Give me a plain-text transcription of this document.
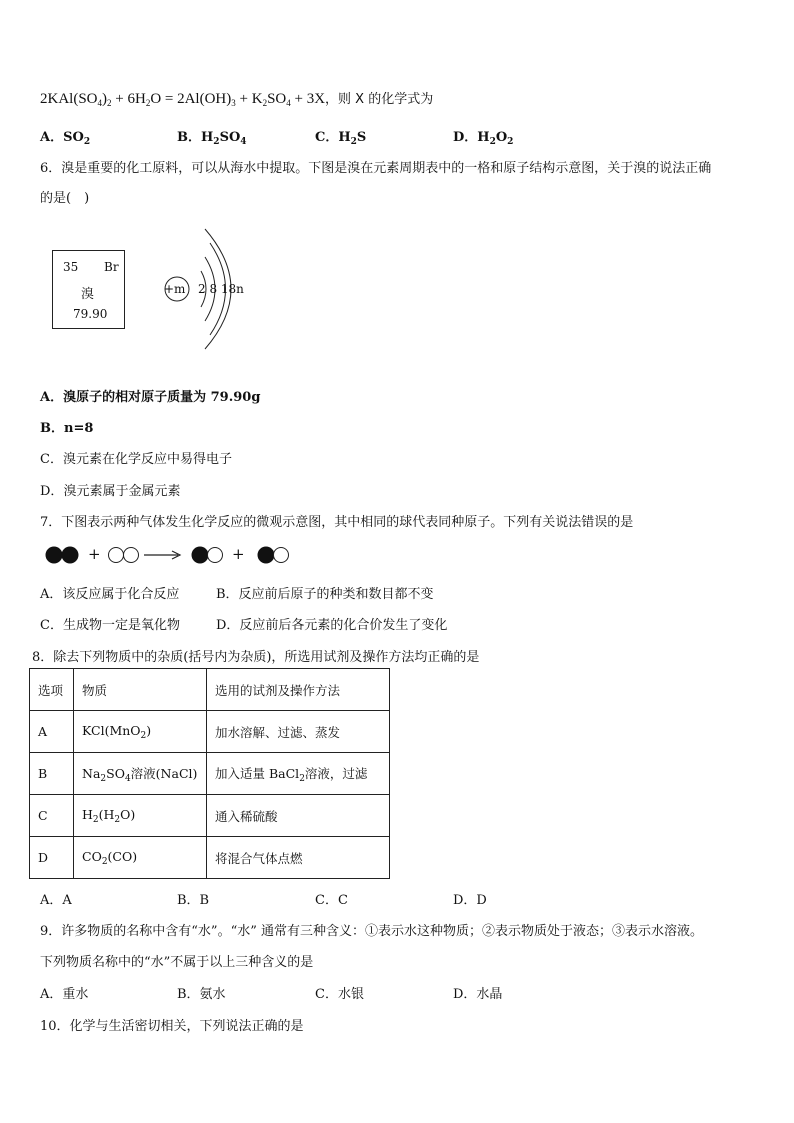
$2KAl(SO_4)_2 + 6H_2O = 2Al(OH)_3 + K_2SO_4 + 3X$，则 X 的化学式为
A．$SO_2$	B．$H_2SO_4$	C．$H_2S$	D．$H_2O_2$
6．溴是重要的化工原料，可以从海水中提取。下图是溴在元素周期表中的一格和原子结构示意图，关于溴的说法正确
的是(　)
35 Br
溴
79.90
+m 2 8 18n
A．溴原子的相对原子质量为 79.90g
B．n=8
C．溴元素在化学反应中易得电子
D．溴元素属于金属元素
7．下图表示两种气体发生化学反应的微观示意图，其中相同的球代表同种原子。下列有关说法错误的是
+	+
A．该反应属于化合反应	B．反应前后原子的种类和数目都不变
C．生成物一定是氧化物	D．反应前后各元素的化合价发生了变化
8．除去下列物质中的杂质(括号内为杂质)，所选用试剂及操作方法均正确的是
选项	物质	选用的试剂及操作方法
A	KCl(MnO$_2$)	加水溶解、过滤、蒸发
B	$Na_2SO_4$溶液(NaCl)	加入适量 BaCl$_2$溶液，过滤
C	$H_2(H_2O)$	通入稀硫酸
D	$CO_2(CO)$	将混合气体点燃
A．A	B．B	C．C	D．D
9．许多物质的名称中含有“水”。“水” 通常有三种含义：①表示水这种物质；②表示物质处于液态；③表示水溶液。
下列物质名称中的“水”不属于以上三种含义的是
A．重水	B．氨水	C．水银	D．水晶
10．化学与生活密切相关，下列说法正确的是
